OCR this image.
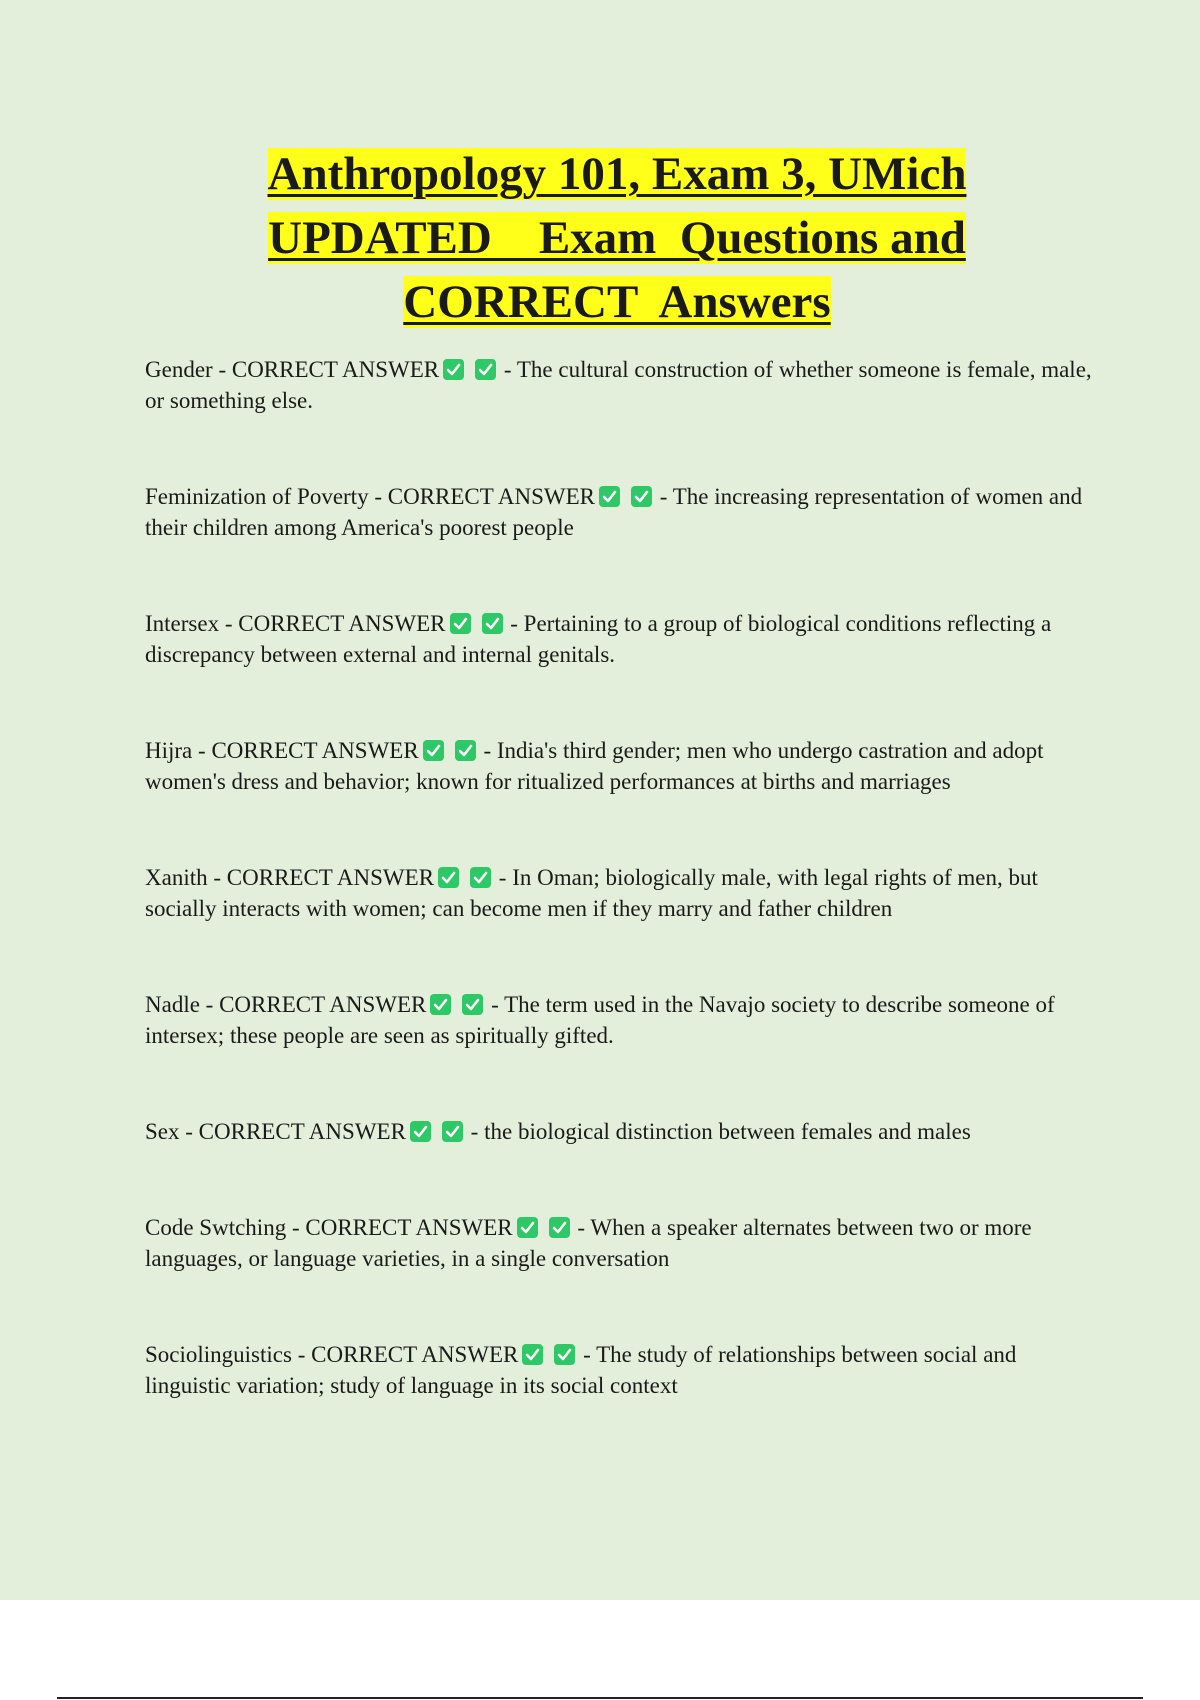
Anthropology 101, Exam 3, UMich
UPDATED    Exam  Questions and
CORRECT  Answers

Gender - CORRECT ANSWER	- The cultural construction of whether someone is female, male, or something else.

Feminization of Poverty - CORRECT ANSWER	- The increasing representation of women and their children among America's poorest people

Intersex - CORRECT ANSWER	- Pertaining to a group of biological conditions reflecting a discrepancy between external and internal genitals.

Hijra - CORRECT ANSWER	- India's third gender; men who undergo castration and adopt women's dress and behavior; known for ritualized performances at births and marriages

Xanith - CORRECT ANSWER	- In Oman; biologically male, with legal rights of men, but socially interacts with women; can become men if they marry and father children

Nadle - CORRECT ANSWER	- The term used in the Navajo society to describe someone of intersex; these people are seen as spiritually gifted.

Sex - CORRECT ANSWER	- the biological distinction between females and males

Code Swtching - CORRECT ANSWER	- When a speaker alternates between two or more languages, or language varieties, in a single conversation

Sociolinguistics - CORRECT ANSWER	- The study of relationships between social and linguistic variation; study of language in its social context
